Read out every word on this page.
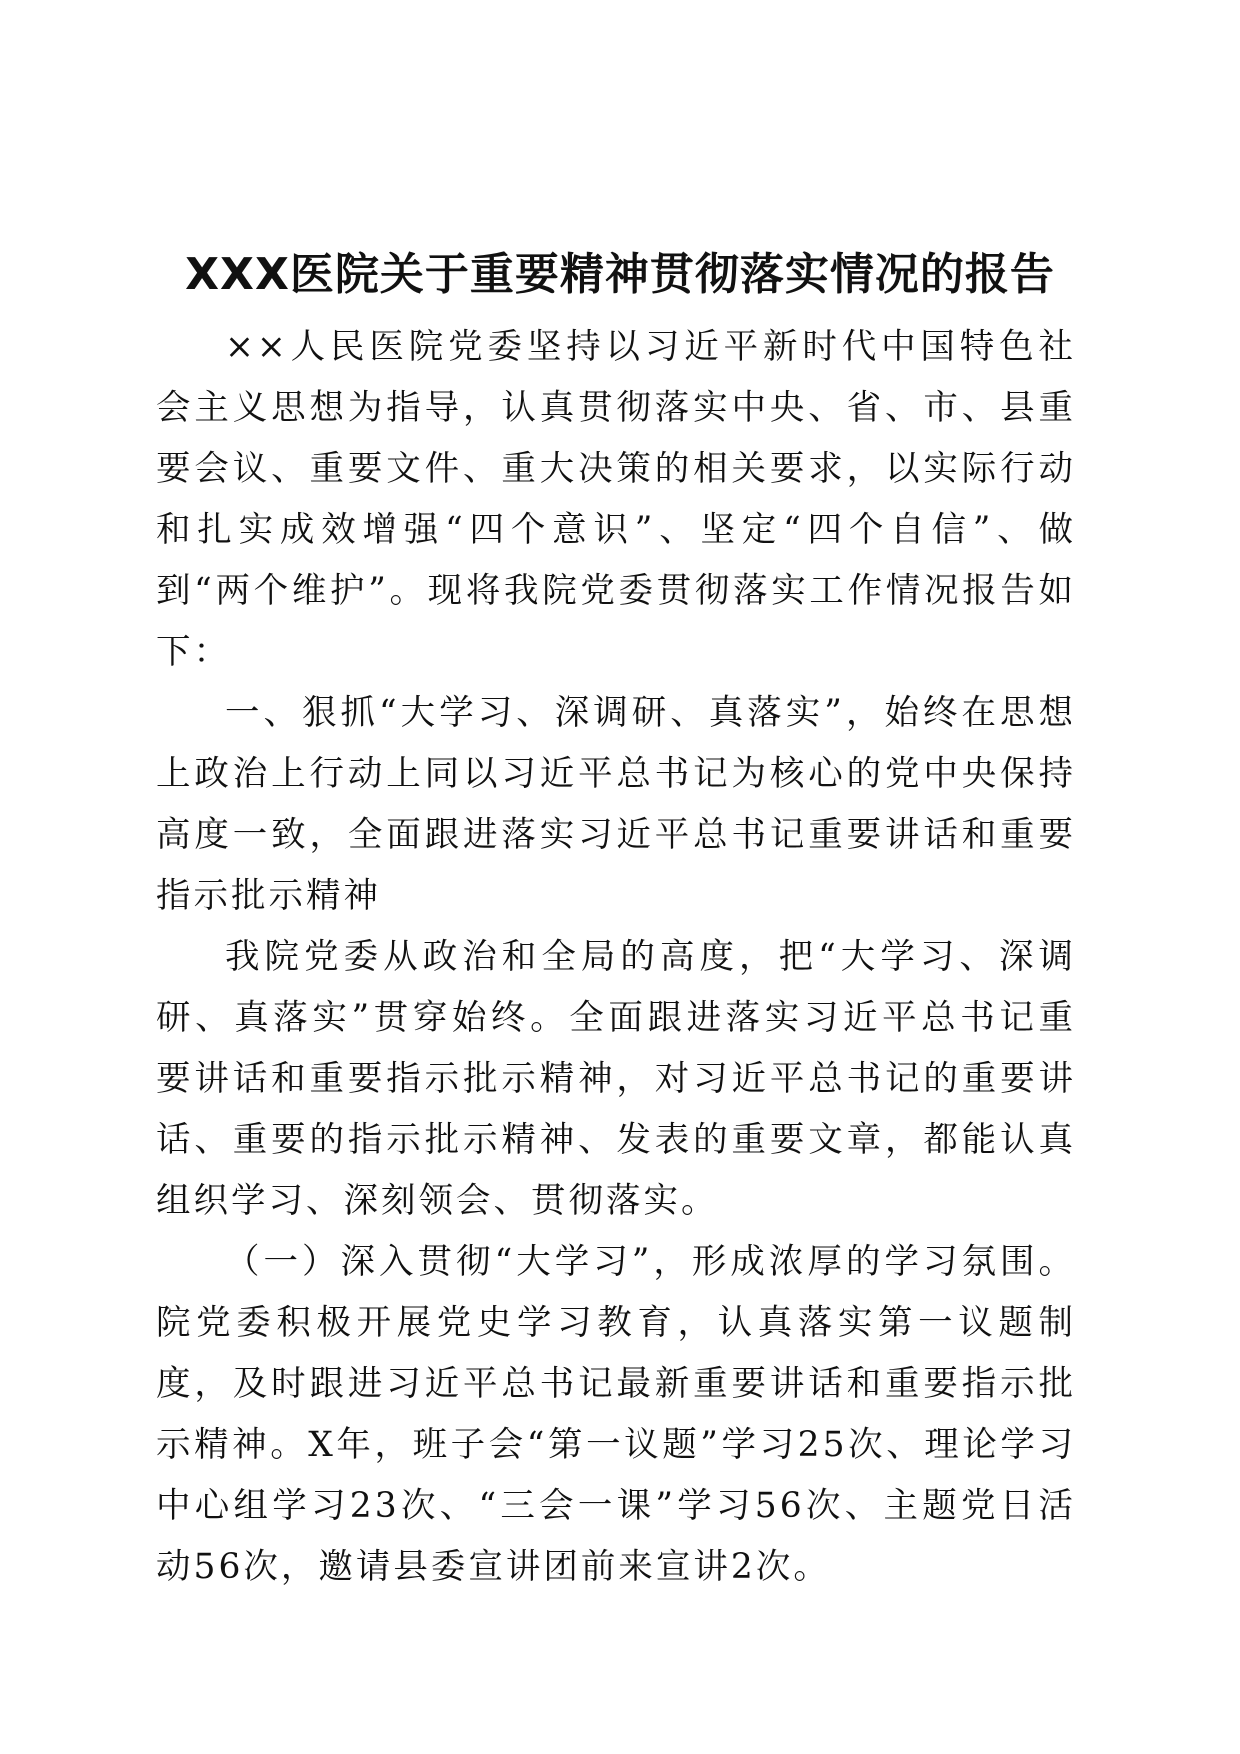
XXX医院关于重要精神贯彻落实情况的报告

××人民医院党委坚持以习近平新时代中国特色社会主义思想为指导，认真贯彻落实中央、省、市、县重要会议、重要文件、重大决策的相关要求，以实际行动和扎实成效增强“四个意识”、坚定“四个自信”、做到“两个维护”。现将我院党委贯彻落实工作情况报告如下：

一、狠抓“大学习、深调研、真落实”，始终在思想上政治上行动上同以习近平总书记为核心的党中央保持高度一致，全面跟进落实习近平总书记重要讲话和重要指示批示精神

我院党委从政治和全局的高度，把“大学习、深调研、真落实”贯穿始终。全面跟进落实习近平总书记重要讲话和重要指示批示精神，对习近平总书记的重要讲话、重要的指示批示精神、发表的重要文章，都能认真组织学习、深刻领会、贯彻落实。

（一）深入贯彻“大学习”，形成浓厚的学习氛围。院党委积极开展党史学习教育，认真落实第一议题制度，及时跟进习近平总书记最新重要讲话和重要指示批示精神。X年，班子会“第一议题”学习25次、理论学习中心组学习23次、“三会一课”学习56次、主题党日活动56次，邀请县委宣讲团前来宣讲2次。
